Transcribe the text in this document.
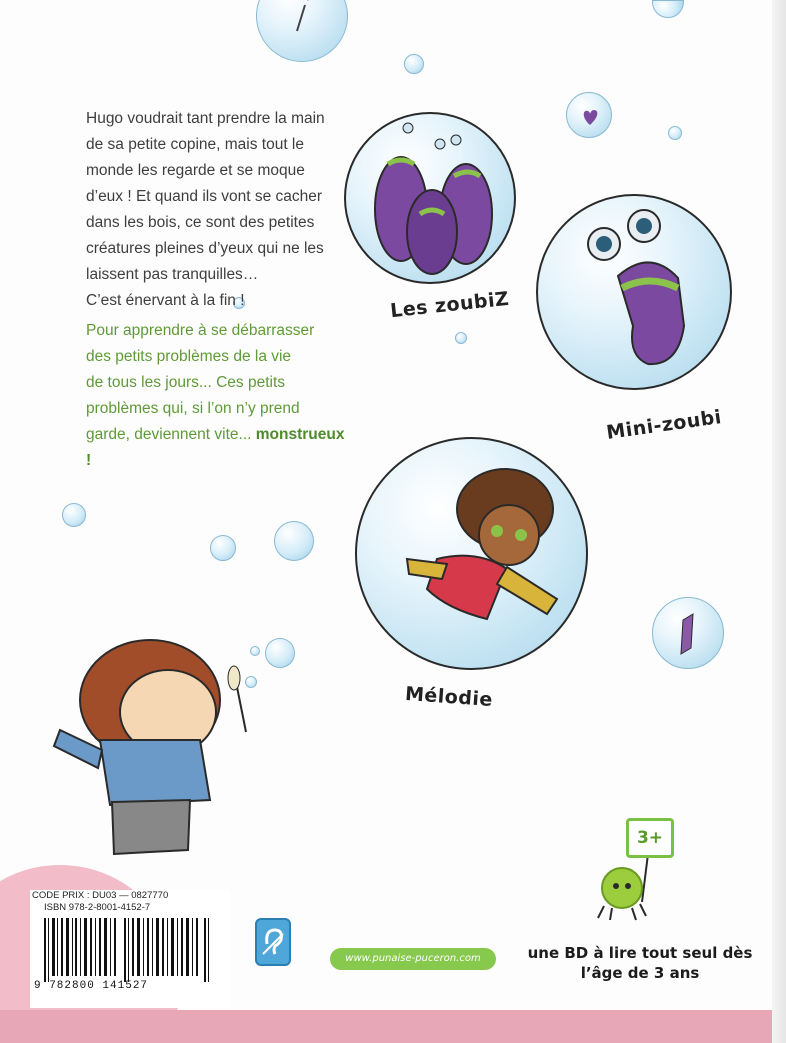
Les zoubiZ
Mini-zoubi
Mélodie
Hugo voudrait tant prendre la main
de sa petite copine, mais tout le
monde les regarde et se moque
d’eux ! Et quand ils vont se cacher
dans les bois, ce sont des petites
créatures pleines d’yeux qui ne les
laissent pas tranquilles…
C’est énervant à la fin !
Pour apprendre à se débarrasser
des petits problèmes de la vie
de tous les jours... Ces petits
problèmes qui, si l’on n’y prend
garde, deviennent vite... monstrueux !
CODE PRIX : DU03 — 0827770
ISBN 978-2-8001-4152-7
9 782800 141527
www.punaise-puceron.com
3+
une BD à lire tout seul dès
l’âge de 3 ans
